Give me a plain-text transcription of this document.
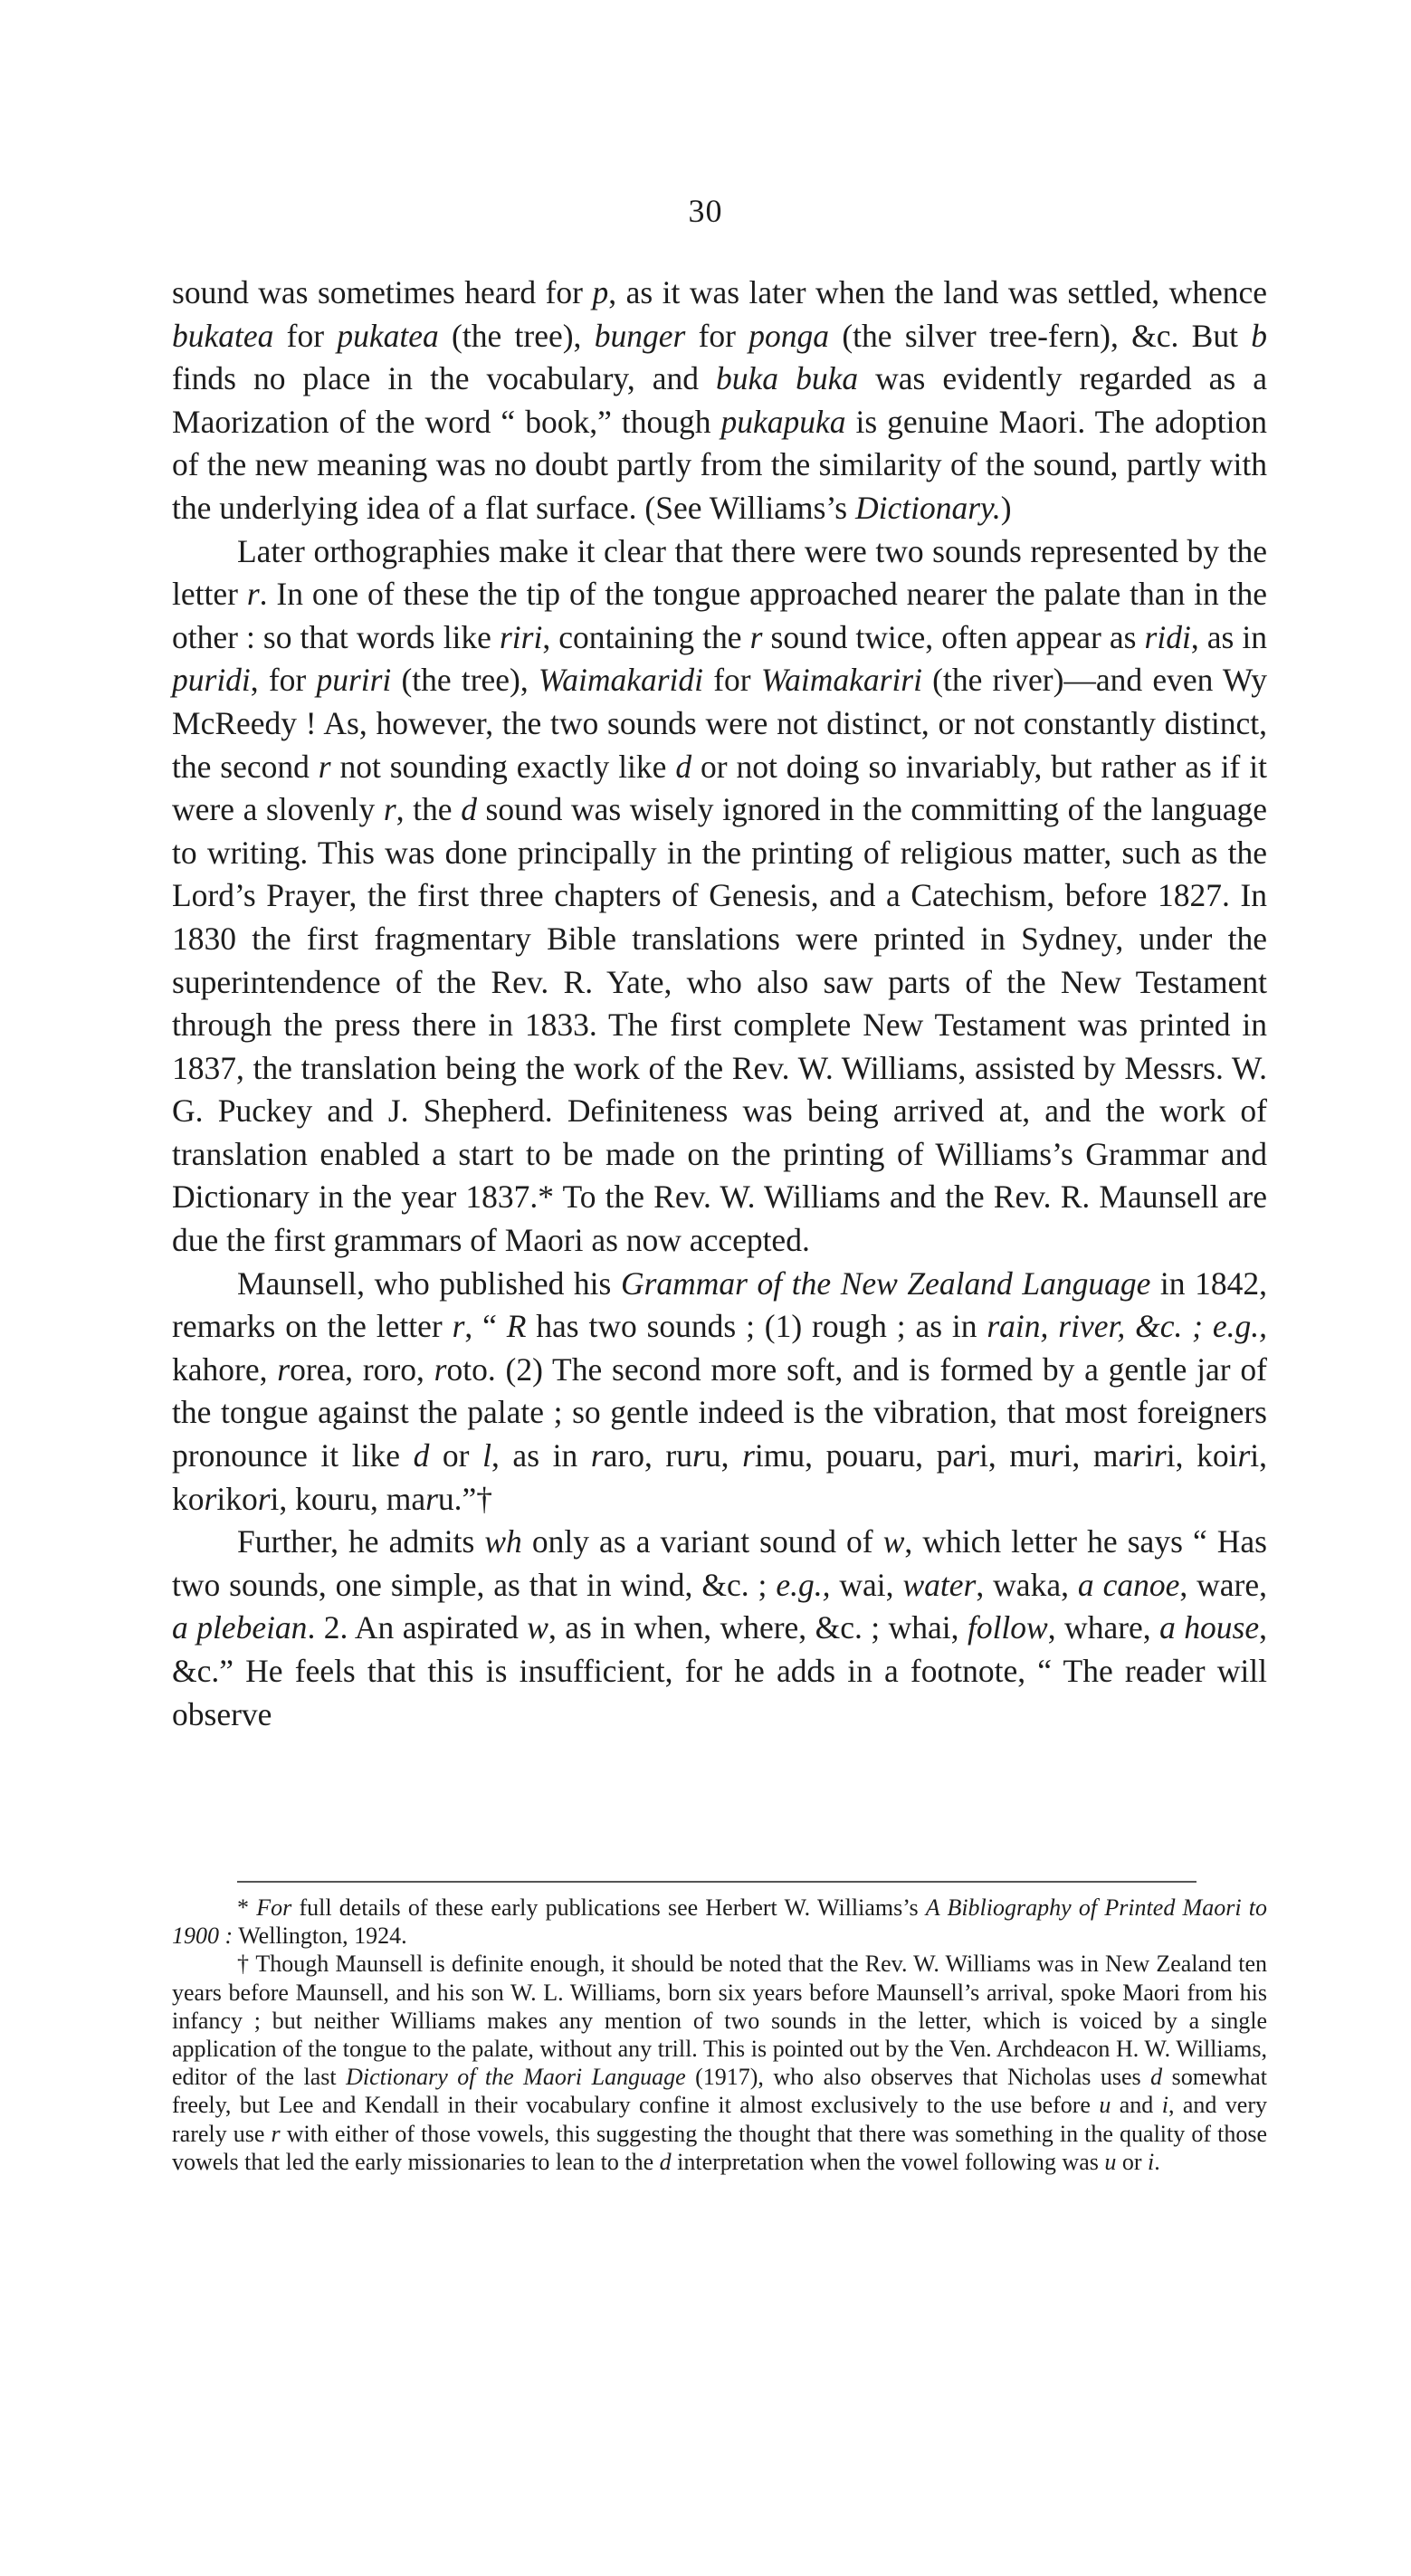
30

sound was sometimes heard for p, as it was later when the land was settled, whence bukatea for pukatea (the tree), bunger for ponga (the silver tree-fern), &c. But b finds no place in the vocabulary, and buka buka was evidently regarded as a Maorization of the word “ book,” though pukapuka is genuine Maori. The adoption of the new meaning was no doubt partly from the similarity of the sound, partly with the underlying idea of a flat surface. (See Williams’s Dictionary.)

Later orthographies make it clear that there were two sounds represented by the letter r. In one of these the tip of the tongue approached nearer the palate than in the other : so that words like riri, containing the r sound twice, often appear as ridi, as in puridi, for puriri (the tree), Waimakaridi for Waimakariri (the river)—and even Wy McReedy ! As, however, the two sounds were not distinct, or not constantly distinct, the second r not sounding exactly like d or not doing so invariably, but rather as if it were a slovenly r, the d sound was wisely ignored in the committing of the language to writing. This was done principally in the printing of religious matter, such as the Lord’s Prayer, the first three chapters of Genesis, and a Catechism, before 1827. In 1830 the first fragmentary Bible translations were printed in Sydney, under the superintendence of the Rev. R. Yate, who also saw parts of the New Testament through the press there in 1833. The first complete New Testament was printed in 1837, the translation being the work of the Rev. W. Williams, assisted by Messrs. W. G. Puckey and J. Shepherd. Definiteness was being arrived at, and the work of translation enabled a start to be made on the printing of Williams’s Grammar and Dictionary in the year 1837.* To the Rev. W. Williams and the Rev. R. Maunsell are due the first grammars of Maori as now accepted.

Maunsell, who published his Grammar of the New Zealand Language in 1842, remarks on the letter r, “ R has two sounds ; (1) rough ; as in rain, river, &c. ; e.g., kahore, rorea, roro, roto. (2) The second more soft, and is formed by a gentle jar of the tongue against the palate ; so gentle indeed is the vibration, that most foreigners pronounce it like d or l, as in raro, ruru, rimu, pouaru, pari, muri, mariri, koiri, korikori, kouru, maru.”†

Further, he admits wh only as a variant sound of w, which letter he says “ Has two sounds, one simple, as that in wind, &c. ; e.g., wai, water, waka, a canoe, ware, a plebeian. 2. An aspirated w, as in when, where, &c. ; whai, follow, whare, a house, &c.” He feels that this is insufficient, for he adds in a footnote, “ The reader will observe

* For full details of these early publications see Herbert W. Williams’s A Bibliography of Printed Maori to 1900 : Wellington, 1924.

† Though Maunsell is definite enough, it should be noted that the Rev. W. Williams was in New Zealand ten years before Maunsell, and his son W. L. Williams, born six years before Maunsell’s arrival, spoke Maori from his infancy ; but neither Williams makes any mention of two sounds in the letter, which is voiced by a single application of the tongue to the palate, without any trill. This is pointed out by the Ven. Archdeacon H. W. Williams, editor of the last Dictionary of the Maori Language (1917), who also observes that Nicholas uses d somewhat freely, but Lee and Kendall in their vocabulary confine it almost exclusively to the use before u and i, and very rarely use r with either of those vowels, this suggesting the thought that there was something in the quality of those vowels that led the early missionaries to lean to the d interpretation when the vowel following was u or i.
